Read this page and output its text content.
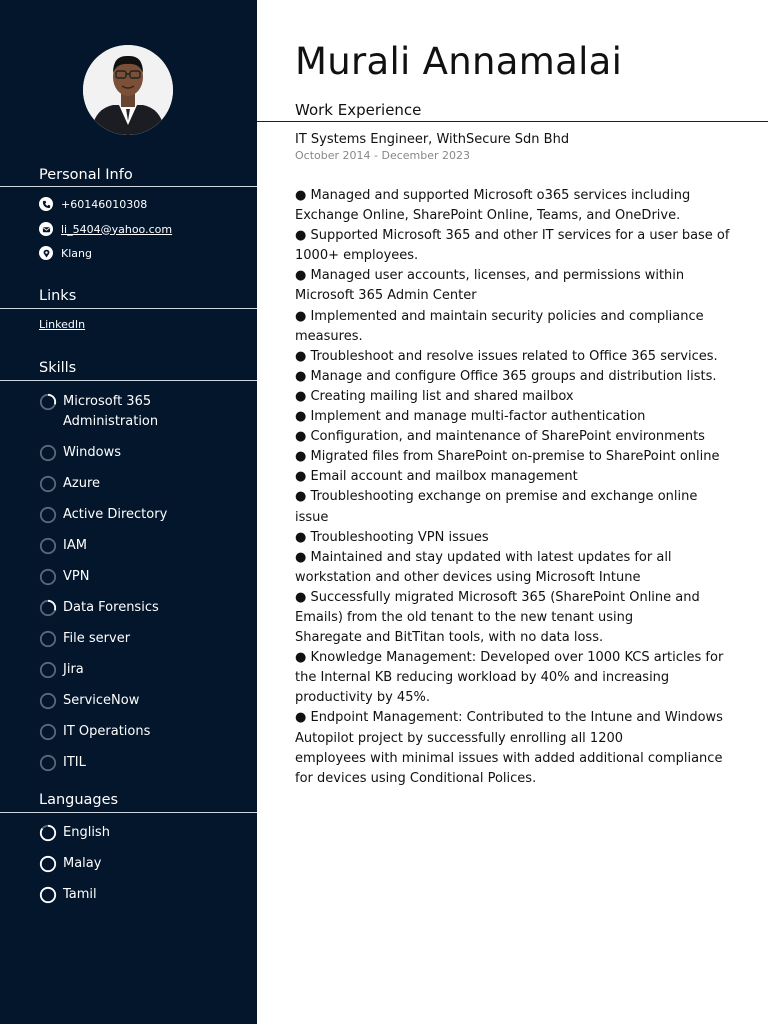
Personal Info
+60146010308
li_5404@yahoo.com
Klang
Links
LinkedIn
Skills
Microsoft 365
Administration
Windows
Azure
Active Directory
IAM
VPN
Data Forensics
File server
Jira
ServiceNow
IT Operations
ITIL
Languages
English
Malay
Tamil
Murali Annamalai
Work Experience
IT Systems Engineer, WithSecure Sdn Bhd
October 2014 - December 2023
● Managed and supported Microsoft o365 services including
Exchange Online, SharePoint Online, Teams, and OneDrive.
● Supported Microsoft 365 and other IT services for a user base of
1000+ employees.
● Managed user accounts, licenses, and permissions within
Microsoft 365 Admin Center
● Implemented and maintain security policies and compliance
measures.
● Troubleshoot and resolve issues related to Office 365 services.
● Manage and configure Office 365 groups and distribution lists.
● Creating mailing list and shared mailbox
● Implement and manage multi-factor authentication
● Configuration, and maintenance of SharePoint environments
● Migrated files from SharePoint on-premise to SharePoint online
● Email account and mailbox management
● Troubleshooting exchange on premise and exchange online
issue
● Troubleshooting VPN issues
● Maintained and stay updated with latest updates for all
workstation and other devices using Microsoft Intune
● Successfully migrated Microsoft 365 (SharePoint Online and
Emails) from the old tenant to the new tenant using
Sharegate and BitTitan tools, with no data loss.
● Knowledge Management: Developed over 1000 KCS articles for
the Internal KB reducing workload by 40% and increasing
productivity by 45%.
● Endpoint Management: Contributed to the Intune and Windows
Autopilot project by successfully enrolling all 1200
employees with minimal issues with added additional compliance
for devices using Conditional Polices.
